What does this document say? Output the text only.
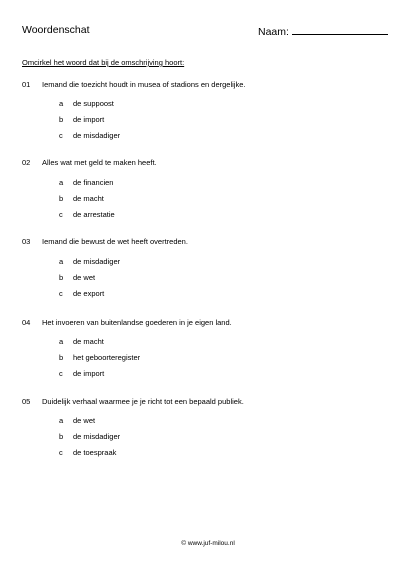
Woordenschat	Naam:
Omcirkel het woord dat bij de omschrijving hoort:
01 Iemand die toezicht houdt in musea of stadions en dergelijke.
a de suppoost
b de import
c de misdadiger
02 Alles wat met geld te maken heeft.
a de financien
b de macht
c de arrestatie
03 Iemand die bewust de wet heeft overtreden.
a de misdadiger
b de wet
c de export
04 Het invoeren van buitenlandse goederen in je eigen land.
a de macht
b het geboorteregister
c de import
05 Duidelijk verhaal waarmee je je richt tot een bepaald publiek.
a de wet
b de misdadiger
c de toespraak
© www.juf-milou.nl
